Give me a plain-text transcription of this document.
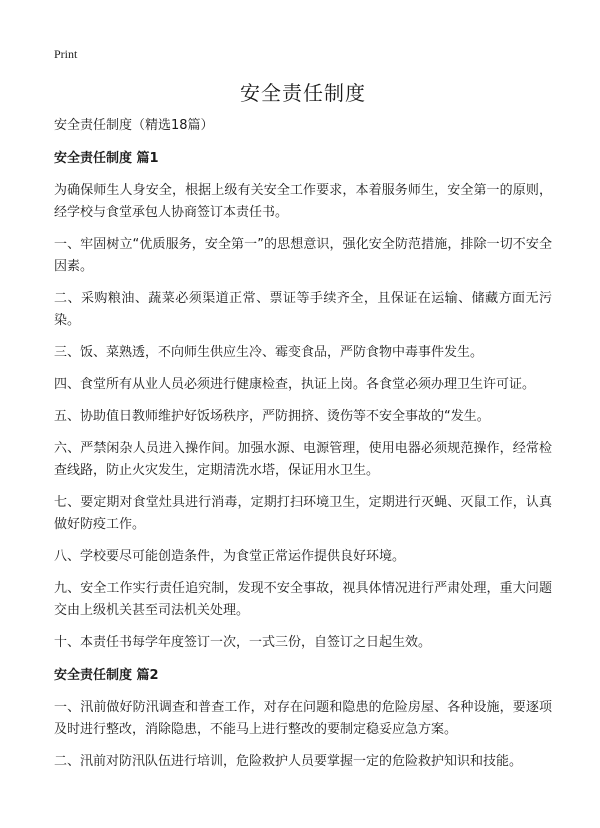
Print
安全责任制度
安全责任制度（精选18篇）
安全责任制度 篇1

为确保师生人身安全，根据上级有关安全工作要求，本着服务师生，安全第一的原则，经学校与食堂承包人协商签订本责任书。

一、牢固树立“优质服务，安全第一”的思想意识，强化安全防范措施，排除一切不安全因素。

二、采购粮油、蔬菜必须渠道正常、票证等手续齐全，且保证在运输、储藏方面无污染。

三、饭、菜熟透，不向师生供应生冷、霉变食品，严防食物中毒事件发生。

四、食堂所有从业人员必须进行健康检查，执证上岗。各食堂必须办理卫生许可证。

五、协助值日教师维护好饭场秩序，严防拥挤、烫伤等不安全事故的“发生。

六、严禁闲杂人员进入操作间。加强水源、电源管理，使用电器必须规范操作，经常检查线路，防止火灾发生，定期清洗水塔，保证用水卫生。

七、要定期对食堂灶具进行消毒，定期打扫环境卫生，定期进行灭蝇、灭鼠工作，认真做好防疫工作。

八、学校要尽可能创造条件，为食堂正常运作提供良好环境。

九、安全工作实行责任追究制，发现不安全事故，视具体情况进行严肃处理，重大问题交由上级机关甚至司法机关处理。

十、本责任书每学年度签订一次，一式三份，自签订之日起生效。

安全责任制度 篇2

一、汛前做好防汛调查和普查工作，对存在问题和隐患的危险房屋、各种设施，要逐项及时进行整改，消除隐患，不能马上进行整改的要制定稳妥应急方案。

二、汛前对防汛队伍进行培训，危险救护人员要掌握一定的危险救护知识和技能。
